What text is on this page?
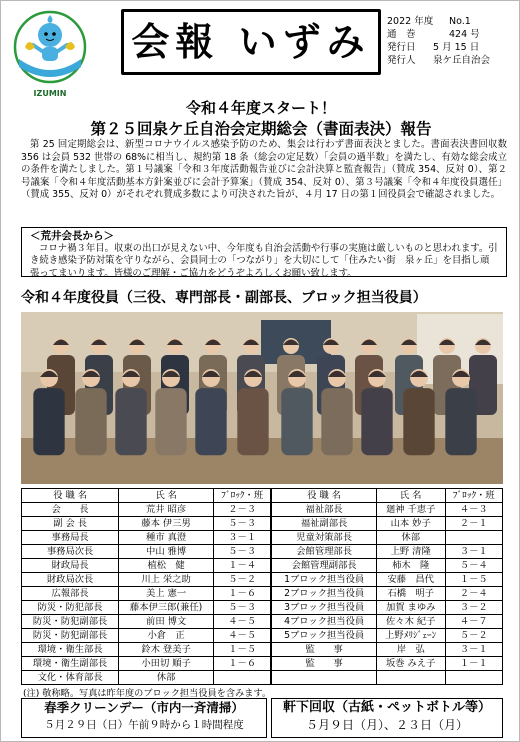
IZUMIN
会報 いずみ 2022 年度 No.1
通　巻	424 号
発行日	5 月 15 日
発行人	泉ケ丘自治会
令和４年度スタート！
第２５回泉ケ丘自治会定期総会（書面表決）報告
第 25 回定期総会は、新型コロナウイルス感染予防のため、集会は行わず書面表決とました。書面表決書回収数 356 は会員 532 世帯の 68%に相当し、規約第 18 条（総会の定足数）「会員の過半数」を満たし、有効な総会成立の条件を満たしました。第１号議案「令和３年度活動報告並びに会計決算と監査報告」（賛成 354、反対 0）、第２号議案「令和４年度活動基本方針案並びに会計予算案」（賛成 354、反対 0）、第３号議案「令和４年度役員選任」（賛成 355、反対 0）がそれぞれ賛成多数により可決された旨が、４月 17 日の第１回役員会で確認されました。
＜荒井会長から＞
コロナ禍３年目。収束の出口が見えない中、今年度も自治会活動や行事の実施は厳しいものと思われます。引き続き感染予防対策を守りながら、会員同士の「つながり」を大切にして「住みたい街　泉ヶ丘」を目指し頑張ってまいります。皆様のご理解・ご協力をどうぞよろしくお願い致します。
令和４年度役員（三役、専門部長・副部長、ブロック担当役員）
役 職 名	氏 名	ﾌﾞﾛｯｸ・班	役 職 名	氏 名	ﾌﾞﾛｯｸ・班
会　　長	荒井 昭彦	２－３	福祉部長	廻神 千恵子	４－３
副 会 長	藤本 伊三男	５－３	福祉副部長	山本 妙子	２－１
事務局長	種市 真澄	３－１	児童対策部長	休部	
事務局次長	中山 雅博	５－３	会館管理部長	上野 清隆	３－１
財政局長	植松　健	１－４	会館管理副部長	柿木　隆	５－４
財政局次長	川上 栄之助	５－２	1ブロック担当役員	安藤　昌代	１－５
広報部長	美上 憲一	１－６	2ブロック担当役員	石橋　明子	２－４
防災・防犯部長	藤本伊三郎(兼任)	５－３	3ブロック担当役員	加賀 まゆみ	３－２
防災・防犯副部長	前田 博文	４－５	4ブロック担当役員	佐々木 紀子	４－７
防災・防犯副部長	小倉　正	４－５	5ブロック担当役員	上野ﾒﾘｼﾞｪｰﾝ	５－２
環境・衛生部長	鈴木 登美子	１－５	監　　事	岸　弘	３－１
環境・衛生副部長	小田切 順子	１－６	監　　事	坂巻 みえ子	１－１
文化・体育部長	休部				
(注) 敬称略。写真は昨年度のブロック担当役員を含みます。
春季クリーンデー（市内一斉清掃）
５月２９日（日）午前９時から１時間程度
軒下回収（古紙・ペットボトル等）
５月９日（月）、２３日（月）
